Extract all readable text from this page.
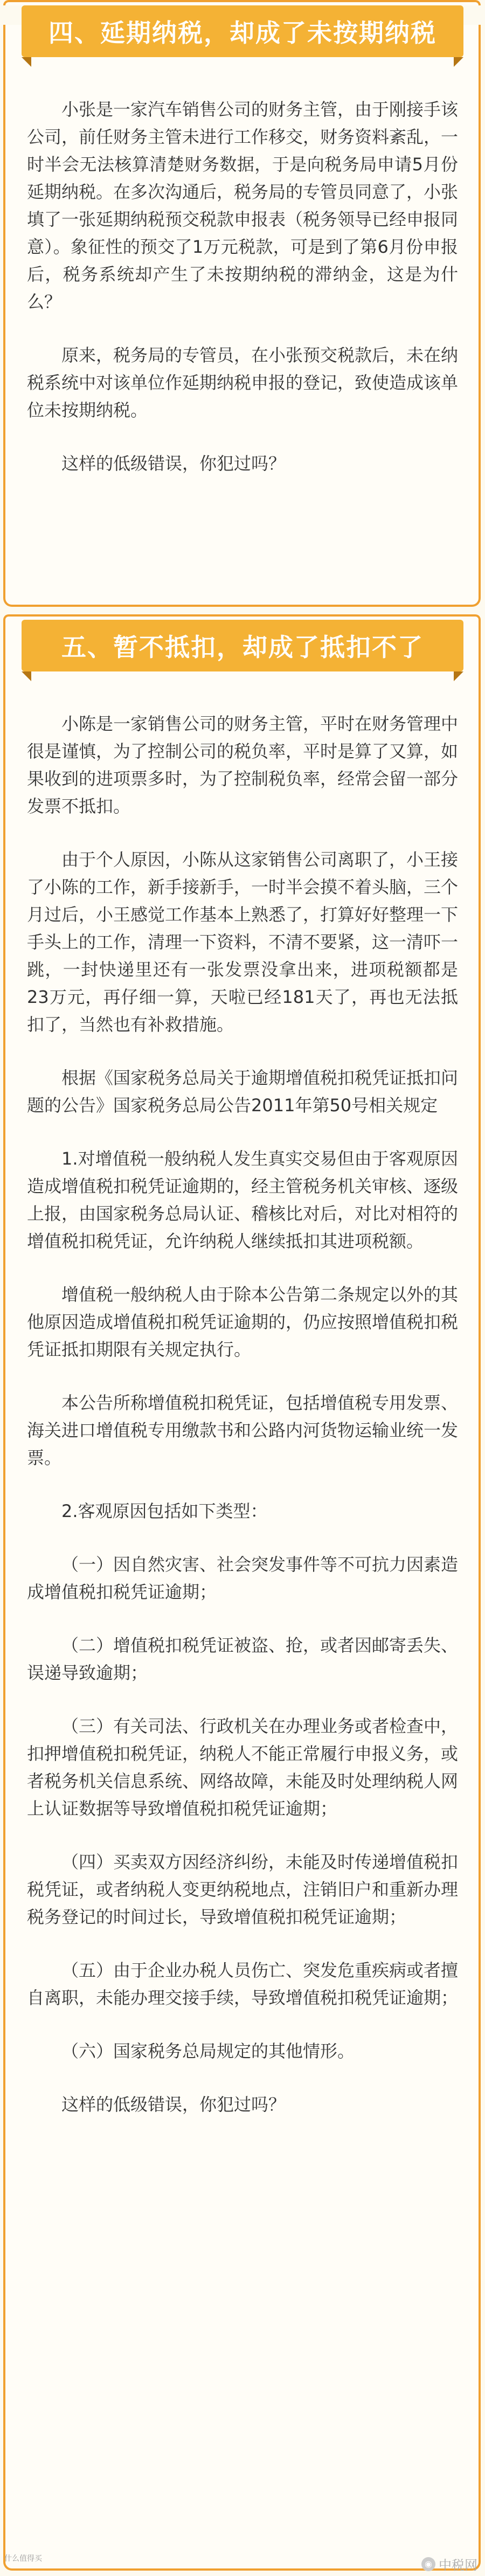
四、延期纳税，却成了未按期纳税

小张是一家汽车销售公司的财务主管，由于刚接手该公司，前任财务主管未进行工作移交，财务资料紊乱，一时半会无法核算清楚财务数据，于是向税务局申请5月份延期纳税。在多次沟通后，税务局的专管员同意了，小张填了一张延期纳税预交税款申报表（税务领导已经申报同意）。象征性的预交了1万元税款，可是到了第6月份申报后，税务系统却产生了未按期纳税的滞纳金，这是为什么？

原来，税务局的专管员，在小张预交税款后，未在纳税系统中对该单位作延期纳税申报的登记，致使造成该单位未按期纳税。

这样的低级错误，你犯过吗？

五、暂不抵扣，却成了抵扣不了

小陈是一家销售公司的财务主管，平时在财务管理中很是谨慎，为了控制公司的税负率，平时是算了又算，如果收到的进项票多时，为了控制税负率，经常会留一部分发票不抵扣。

由于个人原因，小陈从这家销售公司离职了，小王接了小陈的工作，新手接新手，一时半会摸不着头脑，三个月过后，小王感觉工作基本上熟悉了，打算好好整理一下手头上的工作，清理一下资料，不清不要紧，这一清吓一跳，一封快递里还有一张发票没拿出来，进项税额都是23万元，再仔细一算，天啦已经181天了，再也无法抵扣了，当然也有补救措施。

根据《国家税务总局关于逾期增值税扣税凭证抵扣问题的公告》国家税务总局公告2011年第50号相关规定

1.对增值税一般纳税人发生真实交易但由于客观原因造成增值税扣税凭证逾期的，经主管税务机关审核、逐级上报，由国家税务总局认证、稽核比对后，对比对相符的增值税扣税凭证，允许纳税人继续抵扣其进项税额。

增值税一般纳税人由于除本公告第二条规定以外的其他原因造成增值税扣税凭证逾期的，仍应按照增值税扣税凭证抵扣期限有关规定执行。

本公告所称增值税扣税凭证，包括增值税专用发票、海关进口增值税专用缴款书和公路内河货物运输业统一发票。

2.客观原因包括如下类型：

（一）因自然灾害、社会突发事件等不可抗力因素造成增值税扣税凭证逾期；

（二）增值税扣税凭证被盗、抢，或者因邮寄丢失、误递导致逾期；

（三）有关司法、行政机关在办理业务或者检查中，扣押增值税扣税凭证，纳税人不能正常履行申报义务，或者税务机关信息系统、网络故障，未能及时处理纳税人网上认证数据等导致增值税扣税凭证逾期；

（四）买卖双方因经济纠纷，未能及时传递增值税扣税凭证，或者纳税人变更纳税地点，注销旧户和重新办理税务登记的时间过长，导致增值税扣税凭证逾期；

（五）由于企业办税人员伤亡、突发危重疾病或者擅自离职，未能办理交接手续，导致增值税扣税凭证逾期；

（六）国家税务总局规定的其他情形。

这样的低级错误，你犯过吗？

什么值得买	◉ 中税网
